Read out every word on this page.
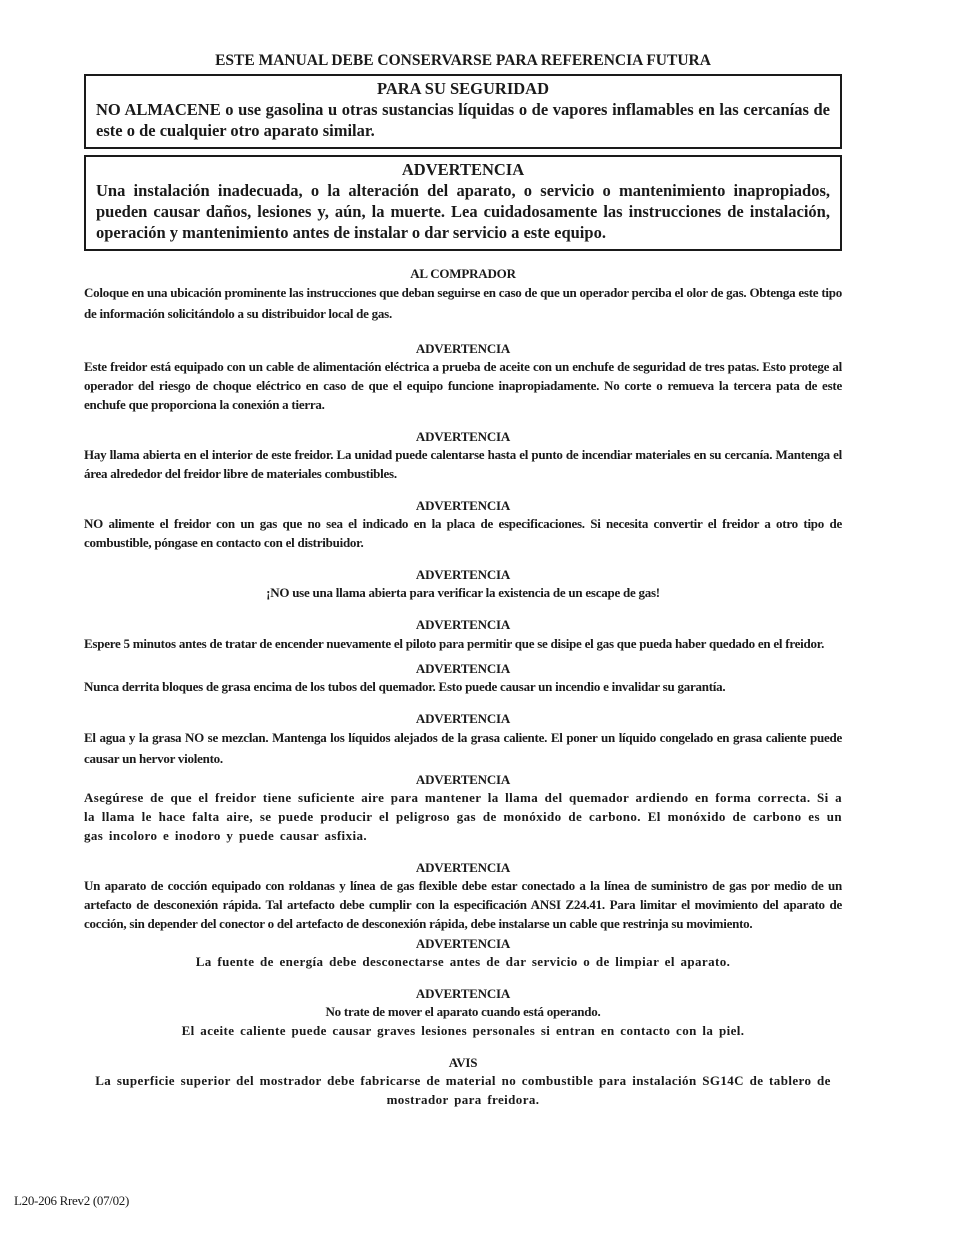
ESTE MANUAL DEBE CONSERVARSE PARA REFERENCIA FUTURA
PARA SU SEGURIDAD
NO ALMACENE o use gasolina u otras sustancias líquidas o de vapores inflamables en las cercanías de este o de cualquier otro aparato similar.
ADVERTENCIA
Una instalación inadecuada, o la alteración del aparato, o servicio o mantenimiento inapropiados, pueden causar daños, lesiones y, aún, la muerte. Lea cuidadosamente las instrucciones de instalación, operación y mantenimiento antes de instalar o dar servicio a este equipo.
AL COMPRADOR
Coloque en una ubicación prominente las instrucciones que deban seguirse en caso de que un operador perciba el olor de gas. Obtenga este tipo de información solicitándolo a su distribuidor local de gas.
ADVERTENCIA
Este freidor está equipado con un cable de alimentación eléctrica a prueba de aceite con un enchufe de seguridad de tres patas. Esto protege al operador del riesgo de choque eléctrico en caso de que el equipo funcione inapropiadamente. No corte o remueva la tercera pata de este enchufe que proporciona la conexión a tierra.
ADVERTENCIA
Hay llama abierta en el interior de este freidor. La unidad puede calentarse hasta el punto de incendiar materiales en su cercanía. Mantenga el área alrededor del freidor libre de materiales combustibles.
ADVERTENCIA
NO alimente el freidor con un gas que no sea el indicado en la placa de especificaciones. Si necesita convertir el freidor a otro tipo de combustible, póngase en contacto con el distribuidor.
ADVERTENCIA
¡NO use una llama abierta para verificar la existencia de un escape de gas!
ADVERTENCIA
Espere 5 minutos antes de tratar de encender nuevamente el piloto para permitir que se disipe el gas que pueda haber quedado en el freidor.
ADVERTENCIA
Nunca derrita bloques de grasa encima de los tubos del quemador. Esto puede causar un incendio e invalidar su garantía.
ADVERTENCIA
El agua y la grasa NO se mezclan. Mantenga los líquidos alejados de la grasa caliente. El poner un líquido congelado en grasa caliente puede causar un hervor violento.
ADVERTENCIA
Asegúrese de que el freidor tiene suficiente aire para mantener la llama del quemador ardiendo en forma correcta. Si a la llama le hace falta aire, se puede producir el peligroso gas de monóxido de carbono. El monóxido de carbono es un gas incoloro e inodoro y puede causar asfixia.
ADVERTENCIA
Un aparato de cocción equipado con roldanas y línea de gas flexible debe estar conectado a la línea de suministro de gas por medio de un artefacto de desconexión rápida. Tal artefacto debe cumplir con la especificación ANSI Z24.41. Para limitar el movimiento del aparato de cocción, sin depender del conector o del artefacto de desconexión rápida, debe instalarse un cable que restrinja su movimiento.
ADVERTENCIA
La fuente de energía debe desconectarse antes de dar servicio o de limpiar el aparato.
ADVERTENCIA
No trate de mover el aparato cuando está operando.
El aceite caliente puede causar graves lesiones personales si entran en contacto con la piel.
AVIS
La superficie superior del mostrador debe fabricarse de material no combustible para instalación SG14C de tablero de mostrador para freidora.
L20-206 Rrev2 (07/02)
